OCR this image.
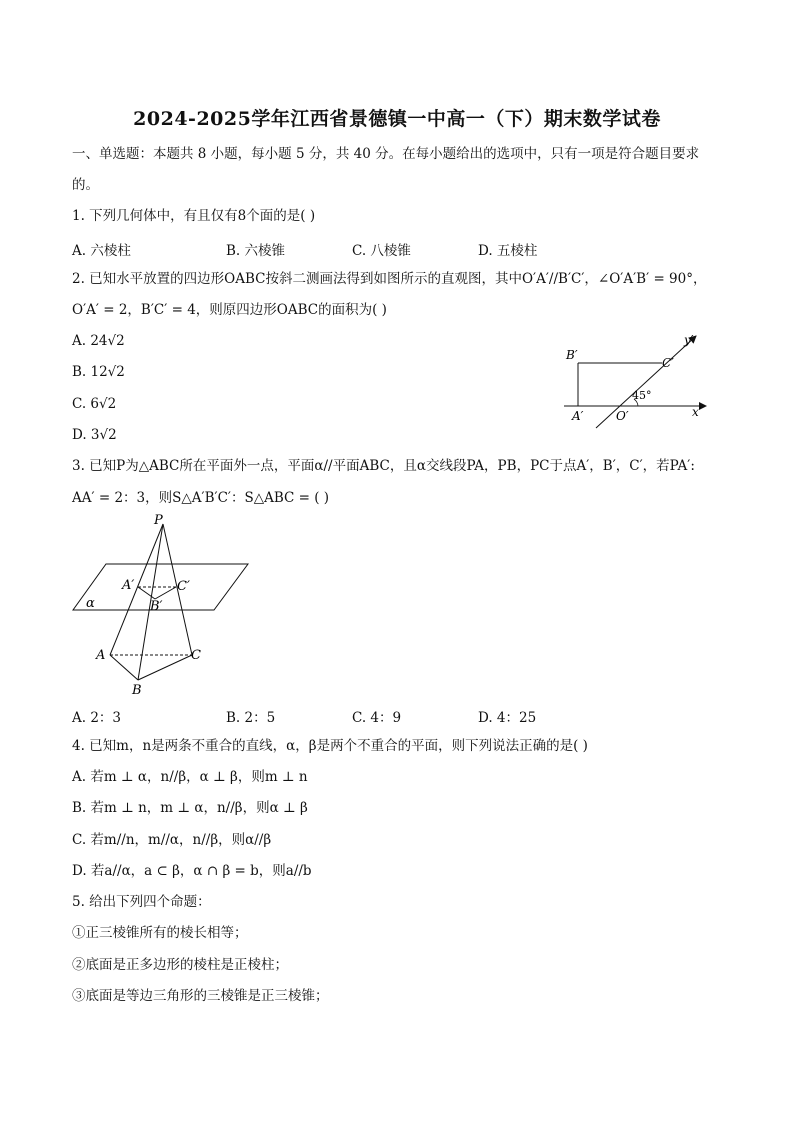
2024-2025学年江西省景德镇一中高一（下）期末数学试卷
一、单选题：本题共 8 小题，每小题 5 分，共 40 分。在每小题给出的选项中，只有一项是符合题目要求
的。
1. 下列几何体中，有且仅有8个面的是( )
A. 六棱柱	B. 六棱锥	C. 八棱锥	D. 五棱柱
2. 已知水平放置的四边形OABC按斜二测画法得到如图所示的直观图，其中O′A′//B′C′，∠O′A′B′ = 90°，
O′A′ = 2，B′C′ = 4，则原四边形OABC的面积为( )
A. 24√2
B. 12√2
C. 6√2
D. 3√2
B′
C′
A′	O′	x′
y′
45°
3. 已知P为△ABC所在平面外一点，平面α//平面ABC，且α交线段PA，PB，PC于点A′，B′，C′，若PA′:
AA′ = 2：3，则S△A′B′C′：S△ABC = ( )
P
A′
B′
C′
α
A
B
C
A. 2：3	B. 2：5	C. 4：9	D. 4：25
4. 已知m，n是两条不重合的直线，α，β是两个不重合的平面，则下列说法正确的是( )
A. 若m ⊥ α，n//β，α ⊥ β，则m ⊥ n
B. 若m ⊥ n，m ⊥ α，n//β，则α ⊥ β
C. 若m//n，m//α，n//β，则α//β
D. 若a//α，a ⊂ β，α ∩ β = b，则a//b
5. 给出下列四个命题：
①正三棱锥所有的棱长相等；
②底面是正多边形的棱柱是正棱柱；
③底面是等边三角形的三棱锥是正三棱锥；
